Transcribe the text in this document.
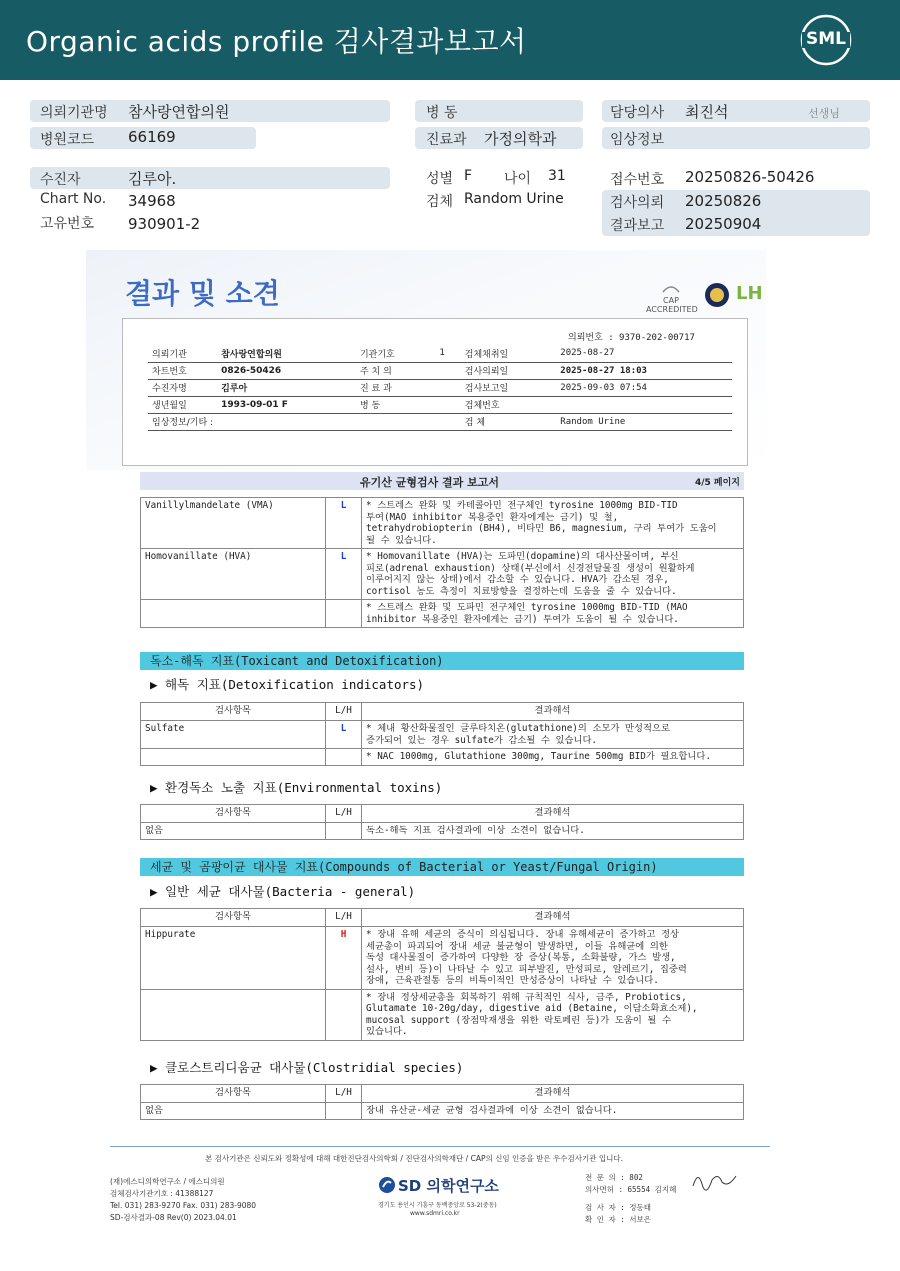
Organic acids profile 검사결과보고서	SML
의뢰기관명 참사랑연합의원
병원코드 66169
병 동
진료과 가정의학과
담당의사 최진석	선생님
임상정보
수진자	김루아.
Chart No. 34968
고유번호 930901-2
성별 F 나이 31
검체 Random Urine
접수번호 20250826-50426
검사의뢰 20250826
결과보고 20250904
결과 및 소견	CAP ACCREDITED
LH
의뢰번호 : 9370-202-00717
의뢰기관	참사랑연합의원	기관기호	1	검체채취일	2025-08-27
차트번호	0826-50426	주 치 의		검사의뢰일	2025-08-27 18:03
수진자명	김루아	진 료 과		검사보고일	2025-09-03 07:54
생년월일	1993-09-01 F	병 동		검체번호	
임상정보/기타 :				검 체	Random Urine
유기산 균형검사 결과 보고서	4/5 페이지
Vanillylmandelate (VMA)	L	* 스트레스 완화 및 카테콜아민 전구체인 tyrosine 1000mg BID-TID
투여(MAO inhibitor 복용중인 환자에게는 금기) 및 철,
tetrahydrobiopterin (BH4), 비타민 B6, magnesium, 구리 투여가 도움이
될 수 있습니다.
Homovanillate (HVA)	L	* Homovanillate (HVA)는 도파민(dopamine)의 대사산물이며, 부신
피로(adrenal exhaustion) 상태(부신에서 신경전달물질 생성이 원활하게
이루어지지 않는 상태)에서 감소할 수 있습니다. HVA가 감소된 경우,
cortisol 농도 측정이 치료방향을 결정하는데 도움을 줄 수 있습니다.
		* 스트레스 완화 및 도파민 전구체인 tyrosine 1000mg BID-TID (MAO
inhibitor 복용중인 환자에게는 금기) 투여가 도움이 될 수 있습니다.
독소-해독 지표(Toxicant and Detoxification)
▶ 해독 지표(Detoxification indicators)
검사항목	L/H	결과해석
Sulfate	L	* 체내 황산화물질인 글루타치온(glutathione)의 소모가 만성적으로
증가되어 있는 경우 sulfate가 감소될 수 있습니다.
		* NAC 1000mg, Glutathione 300mg, Taurine 500mg BID가 필요합니다.
▶ 환경독소 노출 지표(Environmental toxins)
검사항목	L/H	결과해석
없음		독소-해독 지표 검사결과에 이상 소견이 없습니다.
세균 및 곰팡이균 대사물 지표(Compounds of Bacterial or Yeast/Fungal Origin)
▶ 일반 세균 대사물(Bacteria - general)
검사항목	L/H	결과해석
Hippurate	H	* 장내 유해 세균의 증식이 의심됩니다. 장내 유해세균이 증가하고 정상
세균총이 파괴되어 장내 세균 불균형이 발생하면, 이들 유해균에 의한
독성 대사물질이 증가하여 다양한 장 증상(복통, 소화불량, 가스 발생,
설사, 변비 등)이 나타날 수 있고 피부발진, 만성피로, 알레르기, 집중력
장애, 근육관절통 등의 비특이적인 만성증상이 나타날 수 있습니다.
		* 장내 정상세균총을 회복하기 위해 규칙적인 식사, 금주, Probiotics,
Glutamate 10-20g/day, digestive aid (Betaine, 이담소화효소제),
mucosal support (장점막재생을 위한 락토페린 등)가 도움이 될 수
있습니다.
▶ 클로스트리디움균 대사물(Clostridial species)
검사항목	L/H	결과해석
없음		장내 유산균-세균 균형 검사결과에 이상 소견이 없습니다.
본 검사기관은 신뢰도와 정확성에 대해 대한진단검사의학회 / 진단검사의학재단 / CAP의 신임 인증을 받은 우수검사기관 입니다.
(재)에스디의학연구소 / 에스디의원
검체검사기관기호 : 41388127
Tel. 031) 283-9270 Fax. 031) 283-9080
SD-검사결과-08 Rev(0) 2023.04.01
SD 의학연구소
경기도 용인시 기흥구 동백중앙로 53-2(중동)
www.sdmri.co.kr
전 문 의 : 802
의사면허 : 65554 김지혜
검 사 자 : 정동태
확 인 자 : 서보은
